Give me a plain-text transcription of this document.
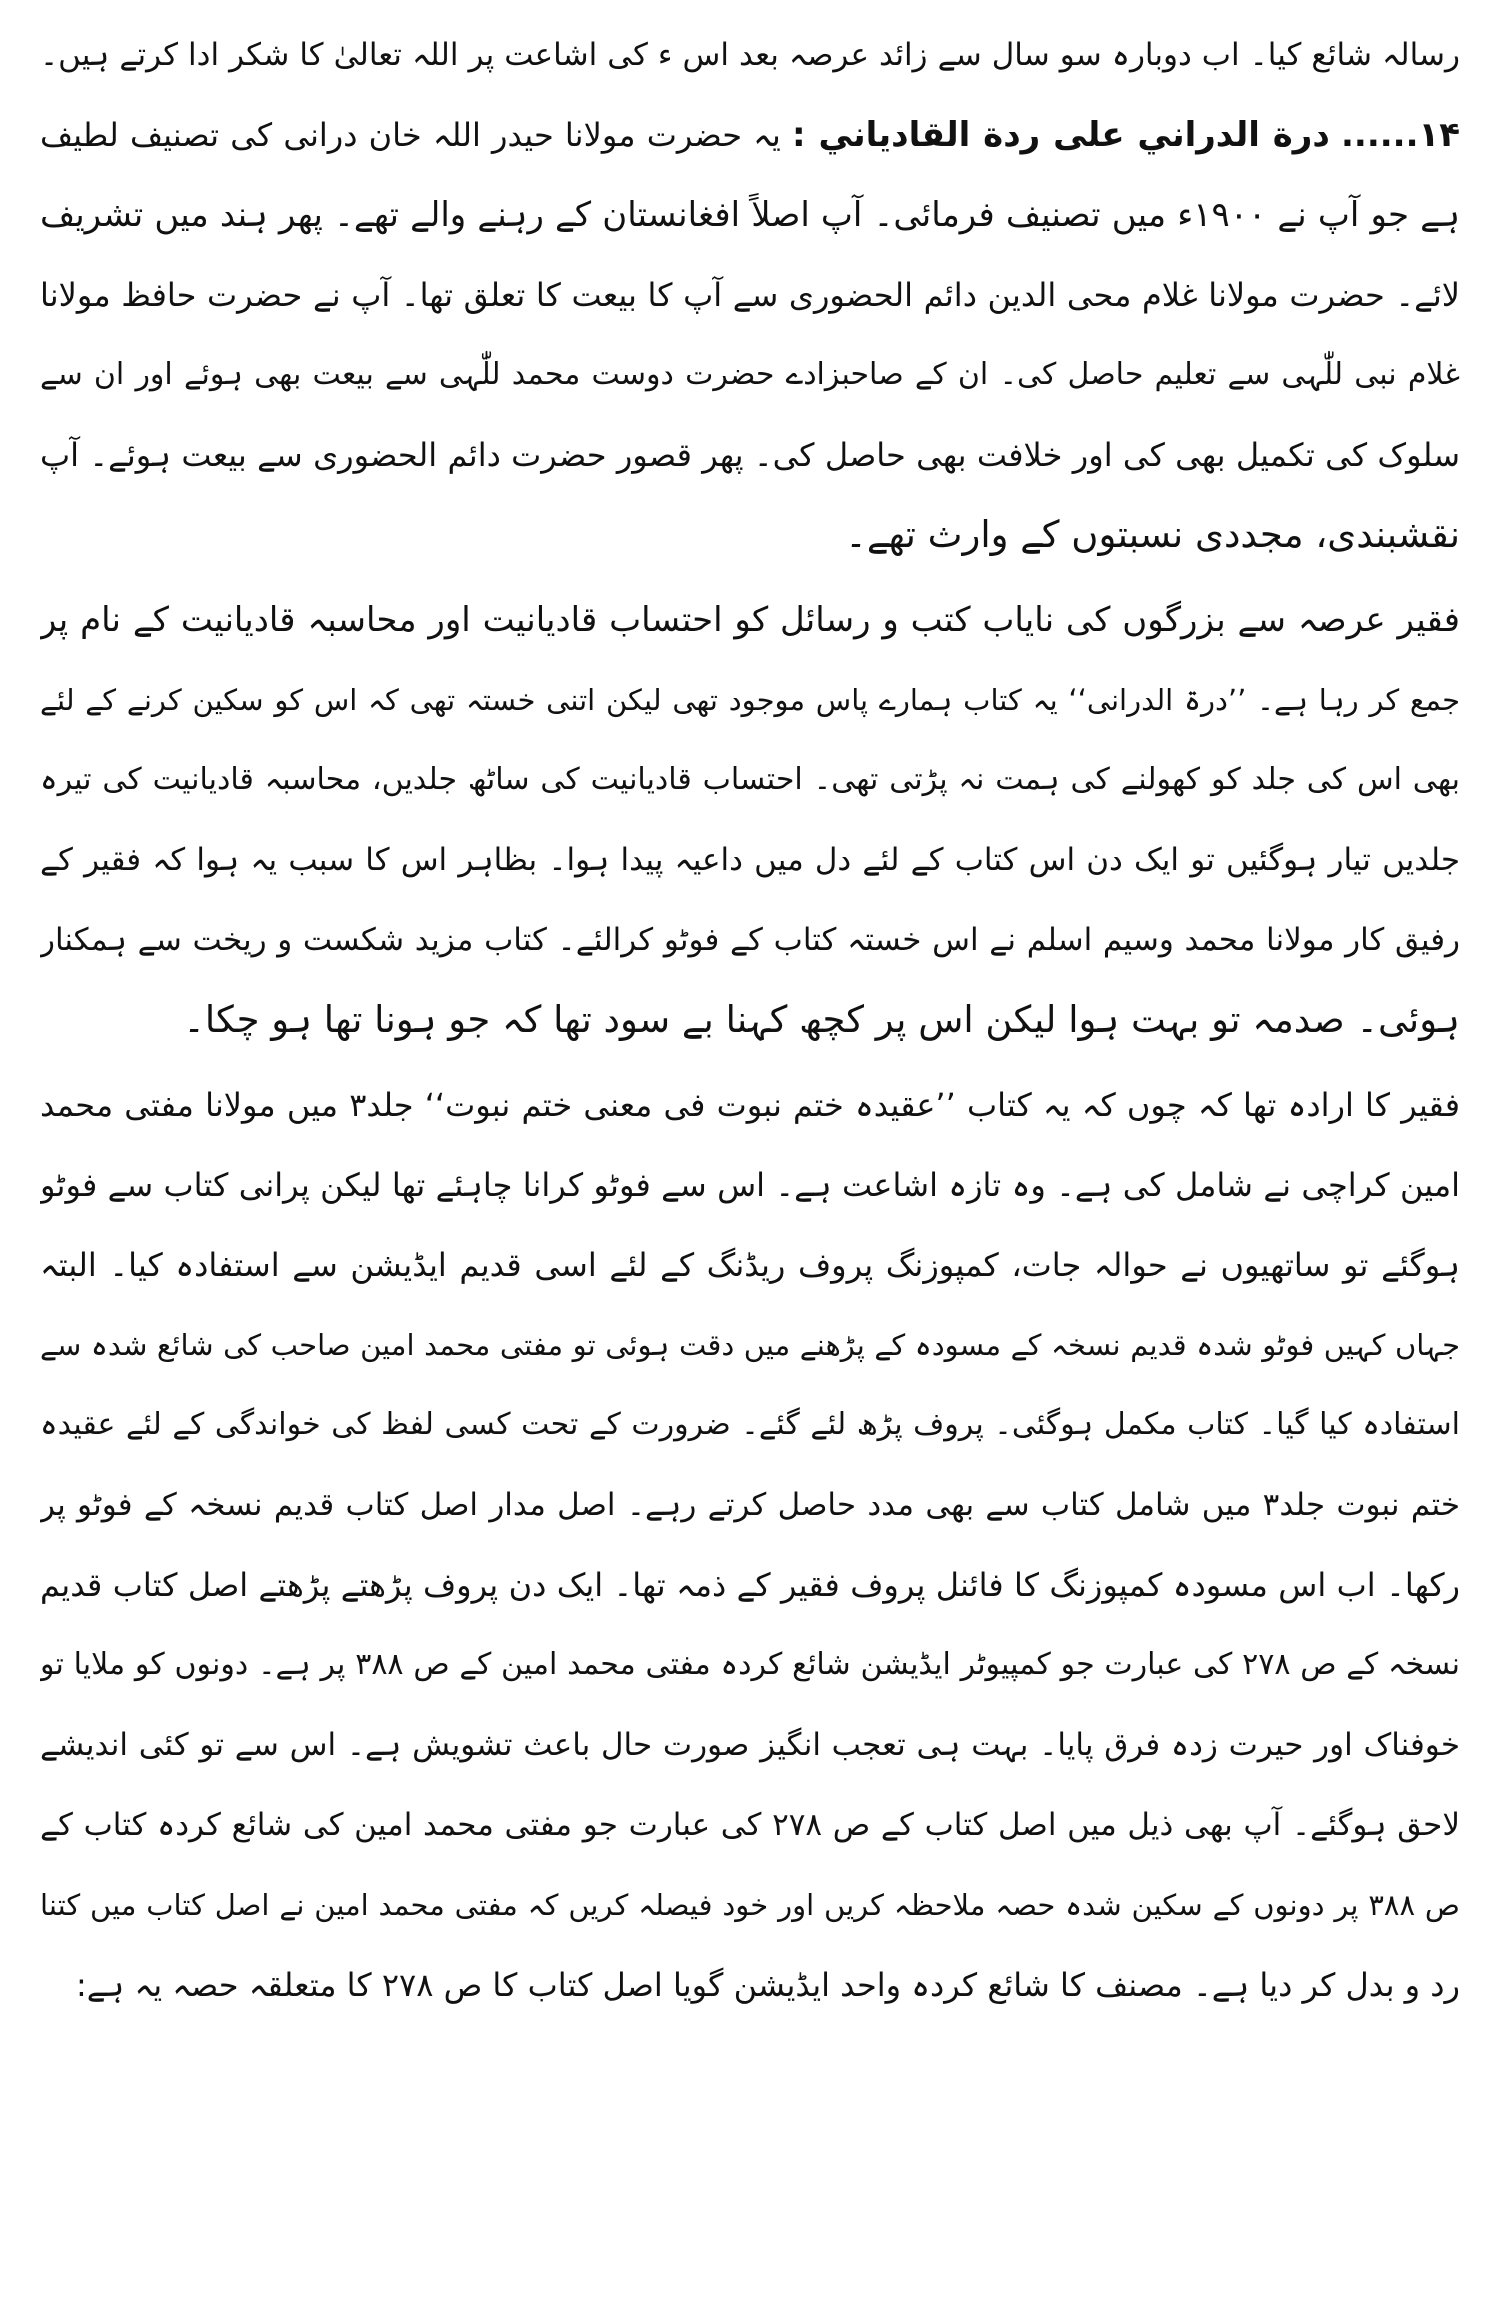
رسالہ شائع کیا۔ اب دوبارہ سو سال سے زائد عرصہ بعد اس ء کی اشاعت پر اللہ تعالیٰ کا شکر ادا کرتے ہیں۔
۱۴...... درة الدراني علی ردة القادياني : یہ حضرت مولانا حیدر اللہ خان درانی کی تصنیف لطیف
ہے جو آپ نے ۱۹۰۰ء میں تصنیف فرمائی۔ آپ اصلاً افغانستان کے رہنے والے تھے۔ پھر ہند میں تشریف
لائے۔ حضرت مولانا غلام محی الدین دائم الحضوری سے آپ کا بیعت کا تعلق تھا۔ آپ نے حضرت حافظ مولانا
غلام نبی للّٰہی سے تعلیم حاصل کی۔ ان کے صاحبزادے حضرت دوست محمد للّٰہی سے بیعت بھی ہوئے اور ان سے
سلوک کی تکمیل بھی کی اور خلافت بھی حاصل کی۔ پھر قصور حضرت دائم الحضوری سے بیعت ہوئے۔ آپ
نقشبندی، مجددی نسبتوں کے وارث تھے۔
فقیر عرصہ سے بزرگوں کی نایاب کتب و رسائل کو احتساب قادیانیت اور محاسبہ قادیانیت کے نام پر
جمع کر رہا ہے۔ ’’درۃ الدرانی‘‘ یہ کتاب ہمارے پاس موجود تھی لیکن اتنی خستہ تھی کہ اس کو سکین کرنے کے لئے
بھی اس کی جلد کو کھولنے کی ہمت نہ پڑتی تھی۔ احتساب قادیانیت کی ساٹھ جلدیں، محاسبہ قادیانیت کی تیرہ
جلدیں تیار ہوگئیں تو ایک دن اس کتاب کے لئے دل میں داعیہ پیدا ہوا۔ بظاہر اس کا سبب یہ ہوا کہ فقیر کے
رفیق کار مولانا محمد وسیم اسلم نے اس خستہ کتاب کے فوٹو کرالئے۔ کتاب مزید شکست و ریخت سے ہمکنار
ہوئی۔ صدمہ تو بہت ہوا لیکن اس پر کچھ کہنا بے سود تھا کہ جو ہونا تھا ہو چکا۔
فقیر کا ارادہ تھا کہ چوں کہ یہ کتاب ’’عقیدہ ختم نبوت فی معنی ختم نبوت‘‘ جلد۳ میں مولانا مفتی محمد
امین کراچی نے شامل کی ہے۔ وہ تازہ اشاعت ہے۔ اس سے فوٹو کرانا چاہئے تھا لیکن پرانی کتاب سے فوٹو
ہوگئے تو ساتھیوں نے حوالہ جات، کمپوزنگ پروف ریڈنگ کے لئے اسی قدیم ایڈیشن سے استفادہ کیا۔ البتہ
جہاں کہیں فوٹو شدہ قدیم نسخہ کے مسودہ کے پڑھنے میں دقت ہوئی تو مفتی محمد امین صاحب کی شائع شدہ سے
استفادہ کیا گیا۔ کتاب مکمل ہوگئی۔ پروف پڑھ لئے گئے۔ ضرورت کے تحت کسی لفظ کی خواندگی کے لئے عقیدہ
ختم نبوت جلد۳ میں شامل کتاب سے بھی مدد حاصل کرتے رہے۔ اصل مدار اصل کتاب قدیم نسخہ کے فوٹو پر
رکھا۔ اب اس مسودہ کمپوزنگ کا فائنل پروف فقیر کے ذمہ تھا۔ ایک دن پروف پڑھتے پڑھتے اصل کتاب قدیم
نسخہ کے ص ۲۷۸ کی عبارت جو کمپیوٹر ایڈیشن شائع کردہ مفتی محمد امین کے ص ۳۸۸ پر ہے۔ دونوں کو ملایا تو
خوفناک اور حیرت زدہ فرق پایا۔ بہت ہی تعجب انگیز صورت حال باعث تشویش ہے۔ اس سے تو کئی اندیشے
لاحق ہوگئے۔ آپ بھی ذیل میں اصل کتاب کے ص ۲۷۸ کی عبارت جو مفتی محمد امین کی شائع کردہ کتاب کے
ص ۳۸۸ پر دونوں کے سکین شدہ حصہ ملاحظہ کریں اور خود فیصلہ کریں کہ مفتی محمد امین نے اصل کتاب میں کتنا
رد و بدل کر دیا ہے۔ مصنف کا شائع کردہ واحد ایڈیشن گویا اصل کتاب کا ص ۲۷۸ کا متعلقہ حصہ یہ ہے:
